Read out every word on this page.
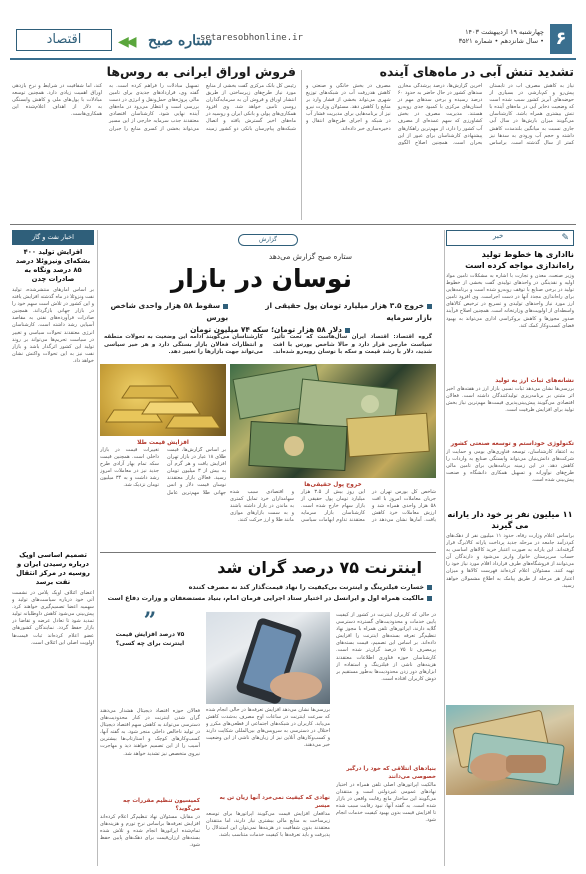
۶
چهارشنبه ۱۹ اردیبهشت ۱۴۰۳
• سال شانزدهم • شماره ۳۵۲۱
setaresobhonline.ir
ستاره صبح
◀◀
اقتصاد
تشدید تنش آبی در ماه‌های آینده
نیاز به کاهش مصرف آب در تابستان پیش‌رو و کم‌بارشی در بسیاری از حوضه‌های آبریز کشور سبب شده است که وضعیت ذخایر آبی در ماه‌های آینده با تنش بیشتری همراه باشد. کارشناسان می‌گویند میزان بارش‌ها در سال آبی جاری نسبت به میانگین بلندمدت کاهش داشته و حجم آب ورودی به سدها نیز کمتر از سال گذشته است. براساس آخرین گزارش‌ها، درصد پرشدگی مخازن سدهای کشور در حال حاضر به حدود ۶۰ درصد رسیده و برخی سدهای مهم در استان‌های مرکزی با کمبود جدی روبه‌رو هستند. مدیریت مصرف در بخش کشاورزی که سهم عمده‌ای از مصرف آب کشور را دارد، از مهم‌ترین راهکارهای پیشنهادی کارشناسان برای عبور از این بحران است. همچنین اصلاح الگوی مصرف در بخش خانگی و صنعتی و کاهش هدررفت آب در شبکه‌های توزیع شهری می‌تواند بخشی از فشار وارد بر منابع را کاهش دهد. مسئولان وزارت نیرو نیز از برنامه‌هایی برای مدیریت فشار آب در شبکه و اجرای طرح‌های انتقال و ذخیره‌سازی خبر داده‌اند.
فروش اوراق ایرانی به روس‌ها
رئیس کل بانک مرکزی گفت بخشی از منابع مورد نیاز طرح‌های زیرساختی از طریق انتشار اوراق و فروش آن به سرمایه‌گذاران روسی تامین خواهد شد. وی افزود همکاری‌های پولی و بانکی ایران و روسیه در ماه‌های اخیر گسترش یافته و اتصال شبکه‌های پیام‌رسان بانکی دو کشور زمینه تسهیل مبادلات را فراهم کرده است. به گفته وی، قراردادهای جدیدی برای تامین مالی پروژه‌های حمل‌ونقل و انرژی در دست بررسی است و انتظار می‌رود در ماه‌های آینده نهایی شود. کارشناسان اقتصادی معتقدند جذب سرمایه خارجی از این مسیر می‌تواند بخشی از کسری منابع را جبران کند، اما شفافیت در شرایط و نرخ بازدهی اوراق اهمیت زیادی دارد. همچنین توسعه مبادلات با پول‌های ملی و کاهش وابستگی به دلار از اهداف اعلام‌شده این همکاری‌هاست.
خبر	✎
نااداری ها خطوط تولید راه‌اندازی مواجه کرده است
وزیر صنعت، معدن و تجارت با اشاره به مشکلات تامین مواد اولیه و نقدینگی در واحدهای تولیدی گفت بخشی از خطوط تولید در برخی صنایع با توقف روبه‌رو شده است و برنامه‌هایی برای راه‌اندازی مجدد آنها در دست اجراست. وی افزود تامین ارز مورد نیاز واحدهای تولیدی و تسریع در ترخیص کالاهای واسطه‌ای از اولویت‌های وزارتخانه است. همچنین اصلاح فرآیند صدور مجوزها و کاهش بروکراسی اداری می‌تواند به بهبود فضای کسب‌وکار کمک کند.
نشانه‌های ثبات ارز به تولید
بررسی‌ها نشان می‌دهد ثبات نسبی بازار ارز در هفته‌های اخیر اثر مثبتی بر برنامه‌ریزی تولیدکنندگان داشته است. فعالان اقتصادی می‌گویند پیش‌بینی‌پذیری قیمت‌ها مهم‌ترین نیاز بخش تولید برای افزایش ظرفیت است.
تکنولوژی خوداستم و توسعه صنعتی کشور
به اعتقاد کارشناسان، توسعه فناوری‌های بومی و حمایت از شرکت‌های دانش‌بنیان می‌تواند وابستگی صنایع به واردات را کاهش دهد. در این زمینه برنامه‌هایی برای تامین مالی طرح‌های نوآورانه و تسهیل همکاری دانشگاه و صنعت پیش‌بینی شده است.
۱۱ میلیون نفر بر خود دار یارانه می گیرند
براساس اعلام وزارت رفاه، حدود ۱۱ میلیون نفر از دهک‌های کم‌درآمد جامعه در مرحله جدید پرداخت یارانه کالابرگ قرار گرفته‌اند. این یارانه به صورت اعتبار خرید کالاهای اساسی به حساب سرپرستان خانوار واریز می‌شود و دارندگان آن می‌توانند از فروشگاه‌های طرف قرارداد اقلام مورد نیاز خود را تهیه کنند. مسئولان اعلام کرده‌اند فهرست کالاها و میزان اعتبار هر مرحله از طریق پیامک به اطلاع مشمولان خواهد رسید.
اخبار نفت و گاز
افزایش تولید ۴۰۰ بشکه‌ای ونیزوئلا درصد ۸۵ درصد ونگاه به صادرات چدن
بر اساس آمارهای منتشرشده، تولید نفت ونزوئلا در ماه گذشته افزایش یافته و این کشور در تلاش است سهم خود را در بازار جهانی بازگرداند. همچنین صادرات فرآورده‌های نفتی به مقاصد آسیایی رشد داشته است. کارشناسان انرژی معتقدند تحولات سیاسی و تغییر در سیاست تحریم‌ها می‌تواند بر روند تولید این کشور اثرگذار باشد و بازار نفت نیز به این تحولات واکنش نشان خواهد داد.
تصمیم اساسی اوپک درباره رسیدن ایران و روسیه در مرکز انتقال نفت برسد
اعضای ائتلاف اوپک پلاس در نشست آتی خود درباره سیاست‌های تولید و سهمیه اعضا تصمیم‌گیری خواهند کرد. پیش‌بینی می‌شود کاهش داوطلبانه تولید تمدید شود تا تعادل عرضه و تقاضا در بازار حفظ گردد. نمایندگان کشورهای عضو اعلام کرده‌اند ثبات قیمت‌ها اولویت اصلی این ائتلاف است.
گزارش
ستاره صبح گزارش می‌دهد
نوسان در بازار
خروج ۳.۵ هزار میلیارد تومان پول حقیقی از بازار سرمایه
سقوط ۵۸ هزار واحدی شاخص بورس
دلار ۵۸ هزار تومان؛ سکه ۷۴ میلیون تومان
گروه اقتصاد: اقتصاد ایران سال‌هاست که تحت تأثیر سیاست خارجی قرار دارد و حالا شاخص بورس با افت شدید، دلار با رشد قیمت و سکه با نوسان روبه‌رو شده‌اند. کارشناسان می‌گویند ادامه این وضعیت به تحولات منطقه و انتظارات فعالان بازار بستگی دارد و هر خبر سیاسی می‌تواند جهت بازارها را تغییر دهد.
افزایش قیمت طلا
بر اساس گزارش‌ها، قیمت طلای ۱۸ عیار در بازار تهران افزایش یافت و هر گرم آن به بیش از ۳ میلیون تومان رسید. فعالان بازار معتقدند نوسان قیمت دلار و انس جهانی طلا مهم‌ترین عامل تغییرات قیمت در بازار داخلی است. همچنین قیمت سکه تمام بهار آزادی طرح جدید نیز در معاملات امروز رشد داشت و به ۳۴ میلیون تومان نزدیک شد.	خروج پول حقیقی‌ها
شاخص کل بورس تهران در جریان معاملات امروز با افت ۵۸ هزار واحدی همراه شد و ارزش معاملات خرد کاهش یافت. آمارها نشان می‌دهد در این روز بیش از ۳.۵ هزار میلیارد تومان پول حقیقی از بازار سهام خارج شده است. کارشناسان بازار سرمایه معتقدند تداوم ابهامات سیاسی و اقتصادی سبب شده سهامداران خرد تمایل کمتری به ماندن در بازار داشته باشند و به سمت بازارهای موازی مانند طلا و ارز حرکت کنند.
اینترنت ۷۵ درصد گران شد
خسارت فیلترینگ و اینترنت بی‌کیفیت را نهاد قیمت‌گذار کند نه مصرف کننده
مالکیت همراه اول و ایرانسل در اختیار ستاد اجرایی فرمان امام، بنیاد مستضعفان و وزارت دفاع است
در حالی که کاربران اینترنت در کشور از کیفیت پایین خدمات و محدودیت‌های گسترده دسترسی گلایه دارند، اپراتورهای تلفن همراه با مجوز نهاد تنظیم‌گر تعرفه بسته‌های اینترنت را افزایش داده‌اند. بر اساس این تصمیم، قیمت بسته‌های پرمصرف تا ۷۵ درصد گران‌تر شده است. کارشناسان حوزه فناوری اطلاعات معتقدند هزینه‌های ناشی از فیلترینگ و استفاده از ابزارهای دور زدن محدودیت‌ها به‌طور مستقیم بر دوش کاربران افتاده است.
بنیادهای انتلاقی که خود را درگیر خصوصی می‌دانند
مالکیت اپراتورهای اصلی تلفن همراه در اختیار نهادهای عمومی غیردولتی است و منتقدان می‌گویند این ساختار مانع رقابت واقعی در بازار شده است. به گفته آنها، نبود رقابت سبب شده تا افزایش قیمت بدون بهبود کیفیت خدمات انجام شود.
بررسی‌ها نشان می‌دهد افزایش تعرفه‌ها در حالی انجام شده که سرعت اینترنت در ساعات اوج مصرف به‌شدت کاهش می‌یابد. کاربران در شبکه‌های اجتماعی از قطعی‌های مکرر و اختلال در دسترسی به سرویس‌های بین‌المللی شکایت دارند و کسب‌وکارهای آنلاین نیز از زیان‌های ناشی از این وضعیت خبر می‌دهند.
نهادی که کیفیت نمی‌خرد آنها زیان تن به میسر
مدافعان افزایش قیمت می‌گویند اپراتورها برای توسعه زیرساخت به منابع مالی بیشتری نیاز دارند، اما منتقدان معتقدند بدون شفافیت در هزینه‌ها نمی‌توان این استدلال را پذیرفت و باید تعرفه‌ها با کیفیت خدمات متناسب باشد.
”
۷۵ درصد افزایش قیمت اینترنت برای چه کسی؟
فعالان حوزه اقتصاد دیجیتال هشدار می‌دهند گران شدن اینترنت در کنار محدودیت‌های دسترسی می‌تواند به کاهش سهم اقتصاد دیجیتال در تولید ناخالص داخلی منجر شود. به گفته آنها، کسب‌وکارهای کوچک و استارتاپ‌ها بیشترین آسیب را از این تصمیم خواهند دید و مهاجرت نیروی متخصص نیز تشدید خواهد شد.
کمیسیون تنظیم مقررات چه می‌گوید؟
در مقابل، مسئولان نهاد تنظیم‌گر اعلام کرده‌اند افزایش تعرفه‌ها براساس نرخ تورم و هزینه‌های تمام‌شده اپراتورها انجام شده و تلاش شده بسته‌های ارزان‌قیمت برای دهک‌های پایین حفظ شود.
